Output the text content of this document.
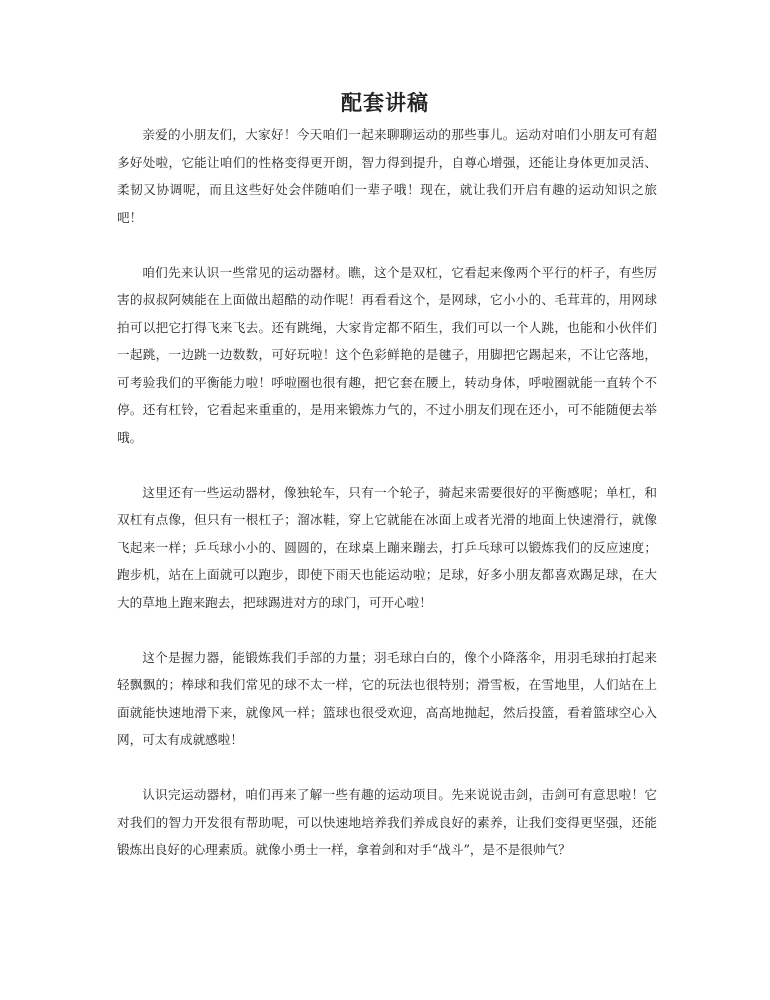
配套讲稿

亲爱的小朋友们，大家好！今天咱们一起来聊聊运动的那些事儿。运动对咱们小朋友可有超多好处啦，它能让咱们的性格变得更开朗，智力得到提升，自尊心增强，还能让身体更加灵活、柔韧又协调呢，而且这些好处会伴随咱们一辈子哦！现在，就让我们开启有趣的运动知识之旅吧！

咱们先来认识一些常见的运动器材。瞧，这个是双杠，它看起来像两个平行的杆子，有些厉害的叔叔阿姨能在上面做出超酷的动作呢！再看看这个，是网球，它小小的、毛茸茸的，用网球拍可以把它打得飞来飞去。还有跳绳，大家肯定都不陌生，我们可以一个人跳，也能和小伙伴们一起跳，一边跳一边数数，可好玩啦！这个色彩鲜艳的是毽子，用脚把它踢起来，不让它落地，可考验我们的平衡能力啦！呼啦圈也很有趣，把它套在腰上，转动身体，呼啦圈就能一直转个不停。还有杠铃，它看起来重重的，是用来锻炼力气的，不过小朋友们现在还小，可不能随便去举哦。

这里还有一些运动器材，像独轮车，只有一个轮子，骑起来需要很好的平衡感呢；单杠，和双杠有点像，但只有一根杠子；溜冰鞋，穿上它就能在冰面上或者光滑的地面上快速滑行，就像飞起来一样；乒乓球小小的、圆圆的，在球桌上蹦来蹦去，打乒乓球可以锻炼我们的反应速度；跑步机，站在上面就可以跑步，即使下雨天也能运动啦；足球，好多小朋友都喜欢踢足球，在大大的草地上跑来跑去，把球踢进对方的球门，可开心啦！

这个是握力器，能锻炼我们手部的力量；羽毛球白白的，像个小降落伞，用羽毛球拍打起来轻飘飘的；棒球和我们常见的球不太一样，它的玩法也很特别；滑雪板，在雪地里，人们站在上面就能快速地滑下来，就像风一样；篮球也很受欢迎，高高地抛起，然后投篮，看着篮球空心入网，可太有成就感啦！

认识完运动器材，咱们再来了解一些有趣的运动项目。先来说说击剑，击剑可有意思啦！它对我们的智力开发很有帮助呢，可以快速地培养我们养成良好的素养，让我们变得更坚强，还能锻炼出良好的心理素质。就像小勇士一样，拿着剑和对手“战斗”，是不是很帅气？
